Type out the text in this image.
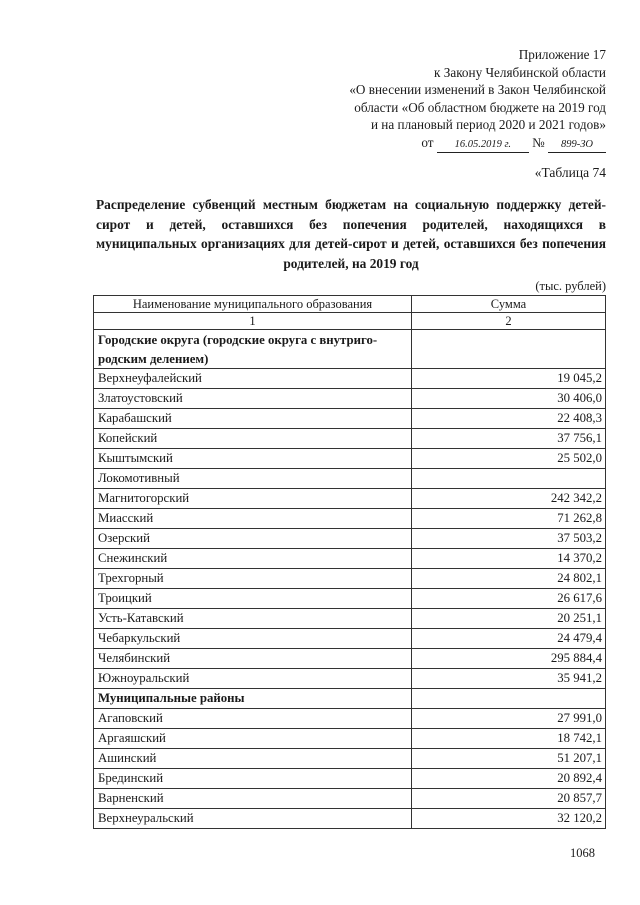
Приложение 17
к Закону Челябинской области
«О внесении изменений в Закон Челябинской
области «Об областном бюджете на 2019 год
и на плановый период 2020 и 2021 годов»
от 16.05.2019 г. № 899-ЗО
«Таблица 74
Распределение субвенций местным бюджетам на социальную поддержку детей-сирот и детей, оставшихся без попечения родителей, находящихся в муниципальных организациях для детей-сирот и детей, оставшихся без попечения родителей, на 2019 год
(тыс. рублей)
Наименование муниципального образования	Сумма
1	2
Городские округа (городские округа с внутриго-	
родским делением)	
Верхнеуфалейский	19 045,2
Златоустовский	30 406,0
Карабашский	22 408,3
Копейский	37 756,1
Кыштымский	25 502,0
Локомотивный	
Магнитогорский	242 342,2
Миасский	71 262,8
Озерский	37 503,2
Снежинский	14 370,2
Трехгорный	24 802,1
Троицкий	26 617,6
Усть-Катавский	20 251,1
Чебаркульский	24 479,4
Челябинский	295 884,4
Южноуральский	35 941,2
Муниципальные районы	
Агаповский	27 991,0
Аргаяшский	18 742,1
Ашинский	51 207,1
Брединский	20 892,4
Варненский	20 857,7
Верхнеуральский	32 120,2
1068
